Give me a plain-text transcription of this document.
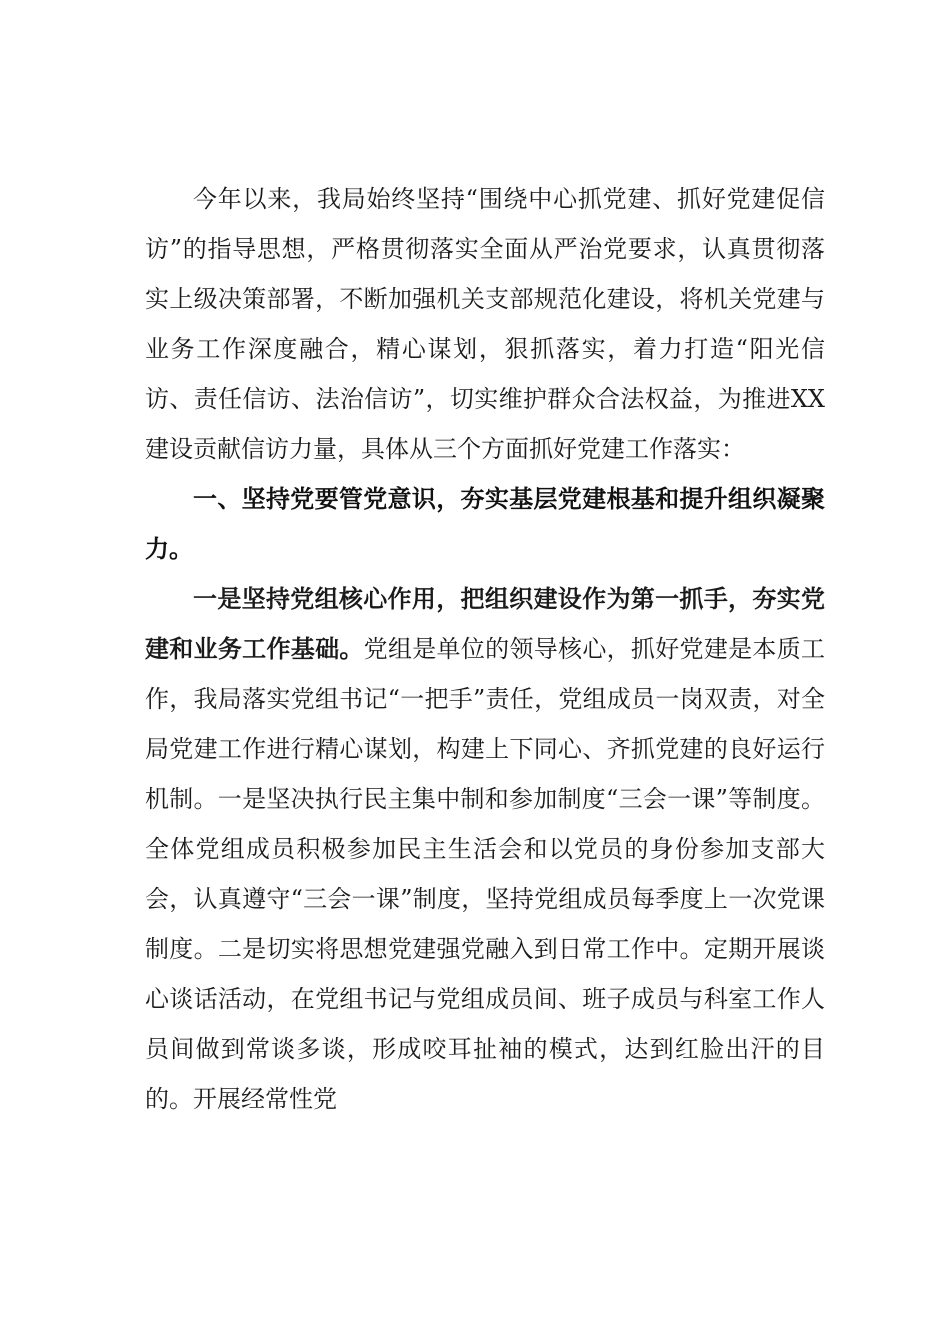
今年以来，我局始终坚持“围绕中心抓党建、抓好党建促信访”的指导思想，严格贯彻落实全面从严治党要求，认真贯彻落实上级决策部署，不断加强机关支部规范化建设，将机关党建与业务工作深度融合，精心谋划，狠抓落实，着力打造“阳光信访、责任信访、法治信访”，切实维护群众合法权益，为推进XX建设贡献信访力量，具体从三个方面抓好党建工作落实：

一、坚持党要管党意识，夯实基层党建根基和提升组织凝聚力。

一是坚持党组核心作用，把组织建设作为第一抓手，夯实党建和业务工作基础。党组是单位的领导核心，抓好党建是本质工作，我局落实党组书记“一把手”责任，党组成员一岗双责，对全局党建工作进行精心谋划，构建上下同心、齐抓党建的良好运行机制。一是坚决执行民主集中制和参加制度“三会一课”等制度。全体党组成员积极参加民主生活会和以党员的身份参加支部大会，认真遵守“三会一课”制度，坚持党组成员每季度上一次党课制度。二是切实将思想党建强党融入到日常工作中。定期开展谈心谈话活动，在党组书记与党组成员间、班子成员与科室工作人员间做到常谈多谈，形成咬耳扯袖的模式，达到红脸出汗的目的。开展经常性党
